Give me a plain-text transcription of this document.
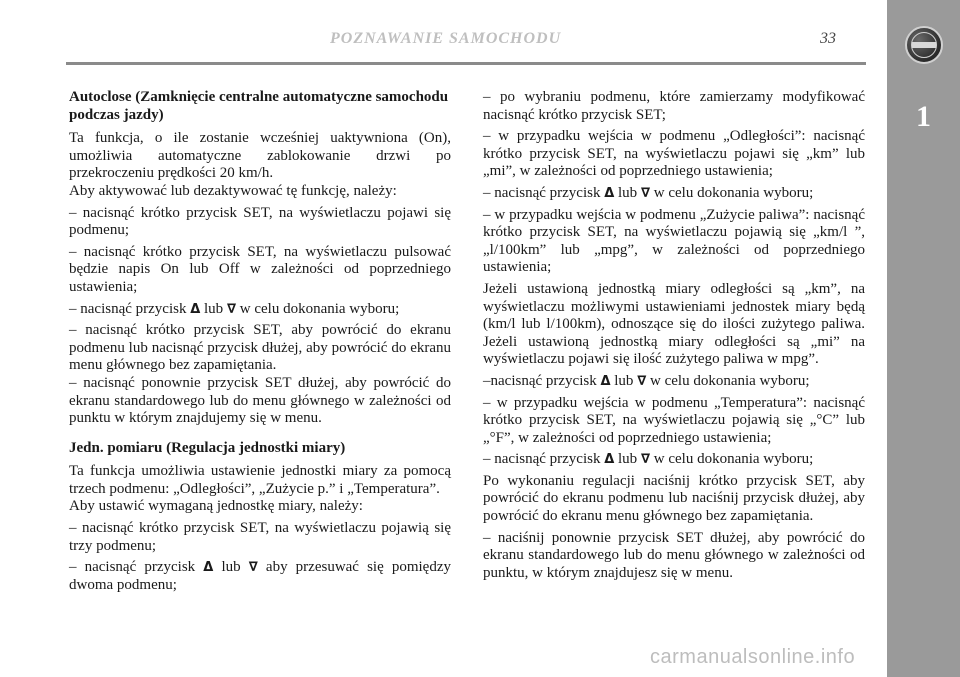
POZNAWANIE SAMOCHODU	33
1
Autoclose (Zamknięcie centralne automatyczne samochodu podczas jazdy)

Ta funkcja, o ile zostanie wcześniej uaktywniona (On), umożliwia automatyczne zablokowanie drzwi po przekroczeniu prędkości 20 km/h.

Aby aktywować lub dezaktywować tę funkcję, należy:

– nacisnąć krótko przycisk SET, na wyświetlaczu pojawi się podmenu;

– nacisnąć krótko przycisk SET, na wyświetlaczu pulsować będzie napis On lub Off w zależności od poprzedniego ustawienia;

– nacisnąć przycisk Δ lub ∇ w celu dokonania wyboru;

– nacisnąć krótko przycisk SET, aby powrócić do ekranu podmenu lub nacisnąć przycisk dłużej, aby powrócić do ekranu menu głównego bez zapamiętania.

– nacisnąć ponownie przycisk SET dłużej, aby powrócić do ekranu standardowego lub do menu głównego w zależności od punktu w którym znajdujemy się w menu.

Jedn. pomiaru (Regulacja jednostki miary)

Ta funkcja umożliwia ustawienie jednostki miary za pomocą trzech podmenu: „Odległości”, „Zużycie p.” i „Temperatura”.

Aby ustawić wymaganą jednostkę miary, należy:

– nacisnąć krótko przycisk SET, na wyświetlaczu pojawią się trzy podmenu;

– nacisnąć przycisk Δ lub ∇ aby przesuwać się pomiędzy dwoma podmenu;

– po wybraniu podmenu, które zamierzamy modyfikować nacisnąć krótko przycisk SET;

– w przypadku wejścia w podmenu „Odległości”: nacisnąć krótko przycisk SET, na wyświetlaczu pojawi się „km” lub „mi”, w zależności od poprzedniego ustawienia;

– nacisnąć przycisk Δ lub ∇ w celu dokonania wyboru;

– w przypadku wejścia w podmenu „Zużycie paliwa”: nacisnąć krótko przycisk SET, na wyświetlaczu pojawią się „km/l ”, „l/100km” lub „mpg”, w zależności od poprzedniego ustawienia;

Jeżeli ustawioną jednostką miary odległości są „km”, na wyświetlaczu możliwymi ustawieniami jednostek miary będą (km/l lub l/100km), odnoszące się do ilości zużytego paliwa. Jeżeli ustawioną jednostką miary odległości są „mi” na wyświetlaczu pojawi się ilość zużytego paliwa w mpg”.

–nacisnąć przycisk Δ lub ∇ w celu dokonania wyboru;

– w przypadku wejścia w podmenu „Temperatura”: nacisnąć krótko przycisk SET, na wyświetlaczu pojawią się „°C” lub „°F”, w zależności od poprzedniego ustawienia;

– nacisnąć przycisk Δ lub ∇ w celu dokonania wyboru;

Po wykonaniu regulacji naciśnij krótko przycisk SET, aby powrócić do ekranu podmenu lub naciśnij przycisk dłużej, aby powrócić do ekranu menu głównego bez zapamiętania.

– naciśnij ponownie przycisk SET dłużej, aby powrócić do ekranu standardowego lub do menu głównego w zależności od punktu, w którym znajdujesz się w menu.

carmanualsonline.info
